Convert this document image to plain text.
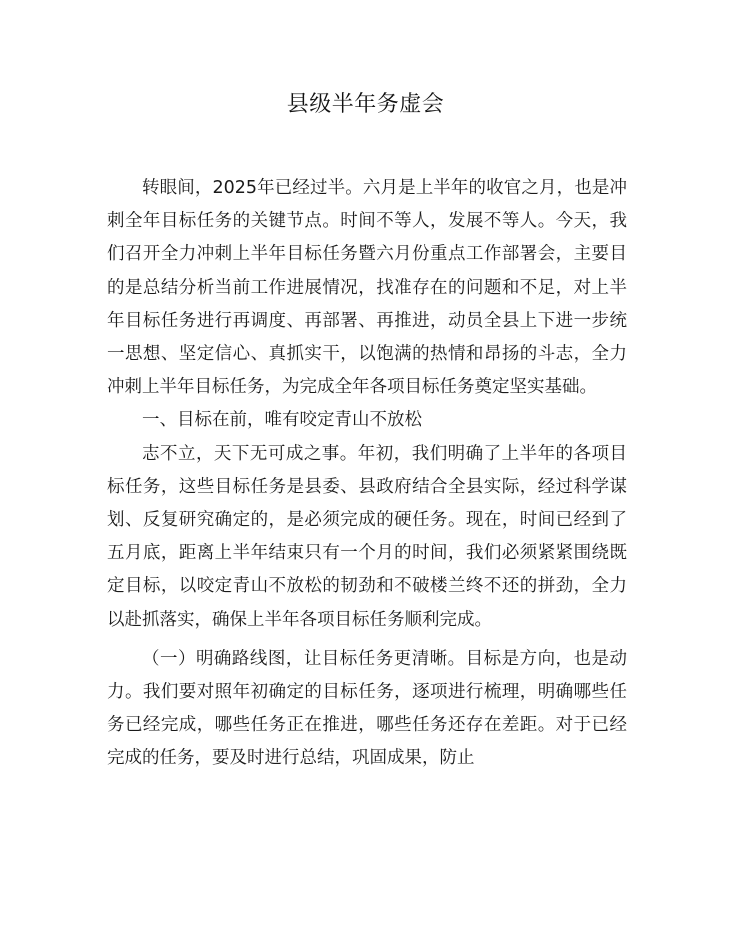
县级半年务虚会

转眼间，2025年已经过半。六月是上半年的收官之月，也是冲刺全年目标任务的关键节点。时间不等人，发展不等人。今天，我们召开全力冲刺上半年目标任务暨六月份重点工作部署会，主要目的是总结分析当前工作进展情况，找准存在的问题和不足，对上半年目标任务进行再调度、再部署、再推进，动员全县上下进一步统一思想、坚定信心、真抓实干，以饱满的热情和昂扬的斗志，全力冲刺上半年目标任务，为完成全年各项目标任务奠定坚实基础。

一、目标在前，唯有咬定青山不放松

志不立，天下无可成之事。年初，我们明确了上半年的各项目标任务，这些目标任务是县委、县政府结合全县实际，经过科学谋划、反复研究确定的，是必须完成的硬任务。现在，时间已经到了五月底，距离上半年结束只有一个月的时间，我们必须紧紧围绕既定目标，以咬定青山不放松的韧劲和不破楼兰终不还的拼劲，全力以赴抓落实，确保上半年各项目标任务顺利完成。

（一）明确路线图，让目标任务更清晰。目标是方向，也是动力。我们要对照年初确定的目标任务，逐项进行梳理，明确哪些任务已经完成，哪些任务正在推进，哪些任务还存在差距。对于已经完成的任务，要及时进行总结，巩固成果，防止
